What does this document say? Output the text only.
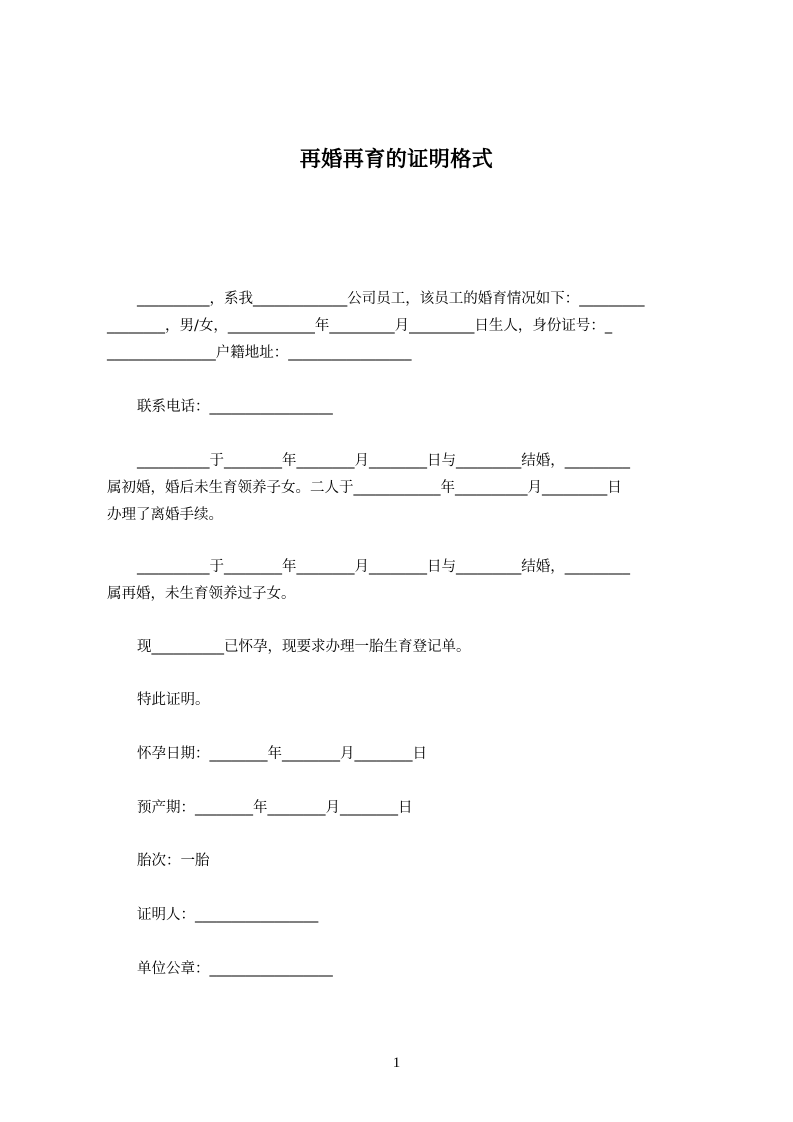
再婚再育的证明格式
__________，系我_____________公司员工，该员工的婚育情况如下：_________
________，男/女，____________年_________月_________日生人，身份证号：_
_______________户籍地址：_________________
联系电话：_________________
__________于________年________月________日与_________结婚，_________
属初婚，婚后未生育领养子女。二人于____________年__________月_________日
办理了离婚手续。
__________于________年________月________日与_________结婚，_________
属再婚，未生育领养过子女。
现__________已怀孕，现要求办理一胎生育登记单。
特此证明。
怀孕日期：________年________月________日
预产期：________年________月________日
胎次：一胎
证明人：_________________
单位公章：_________________
1
